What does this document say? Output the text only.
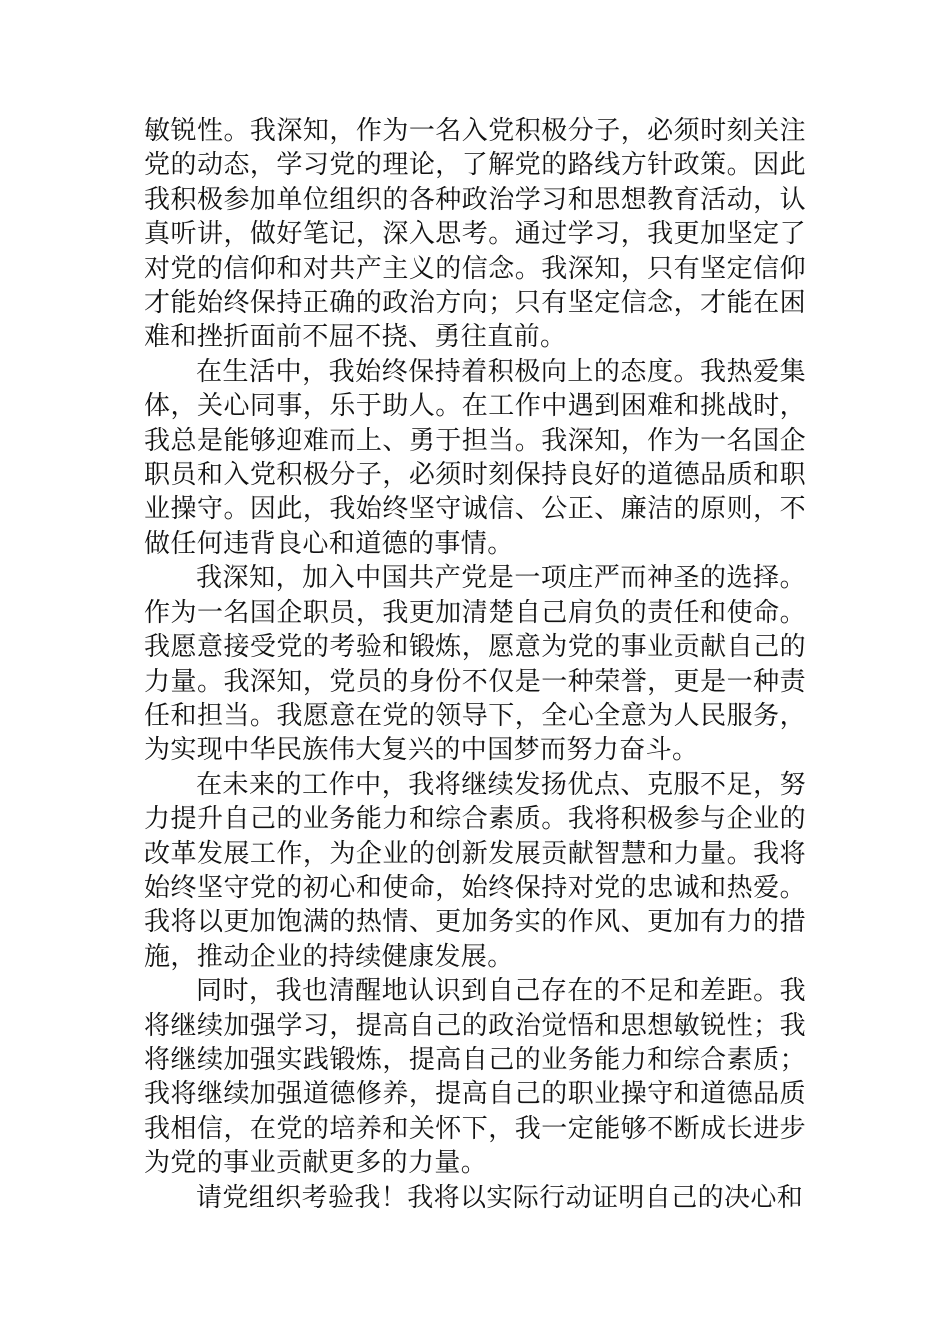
敏锐性。我深知，作为一名入党积极分子，必须时刻关注党的动态，学习党的理论，了解党的路线方针政策。因此我积极参加单位组织的各种政治学习和思想教育活动，认真听讲，做好笔记，深入思考。通过学习，我更加坚定了对党的信仰和对共产主义的信念。我深知，只有坚定信仰才能始终保持正确的政治方向；只有坚定信念，才能在困难和挫折面前不屈不挠、勇往直前。

在生活中，我始终保持着积极向上的态度。我热爱集体，关心同事，乐于助人。在工作中遇到困难和挑战时，我总是能够迎难而上、勇于担当。我深知，作为一名国企职员和入党积极分子，必须时刻保持良好的道德品质和职业操守。因此，我始终坚守诚信、公正、廉洁的原则，不做任何违背良心和道德的事情。

我深知，加入中国共产党是一项庄严而神圣的选择。作为一名国企职员，我更加清楚自己肩负的责任和使命。我愿意接受党的考验和锻炼，愿意为党的事业贡献自己的力量。我深知，党员的身份不仅是一种荣誉，更是一种责任和担当。我愿意在党的领导下，全心全意为人民服务，为实现中华民族伟大复兴的中国梦而努力奋斗。

在未来的工作中，我将继续发扬优点、克服不足，努力提升自己的业务能力和综合素质。我将积极参与企业的改革发展工作，为企业的创新发展贡献智慧和力量。我将始终坚守党的初心和使命，始终保持对党的忠诚和热爱。我将以更加饱满的热情、更加务实的作风、更加有力的措施，推动企业的持续健康发展。

同时，我也清醒地认识到自己存在的不足和差距。我将继续加强学习，提高自己的政治觉悟和思想敏锐性；我将继续加强实践锻炼，提高自己的业务能力和综合素质；我将继续加强道德修养，提高自己的职业操守和道德品质我相信，在党的培养和关怀下，我一定能够不断成长进步为党的事业贡献更多的力量。

请党组织考验我！我将以实际行动证明自己的决心和
